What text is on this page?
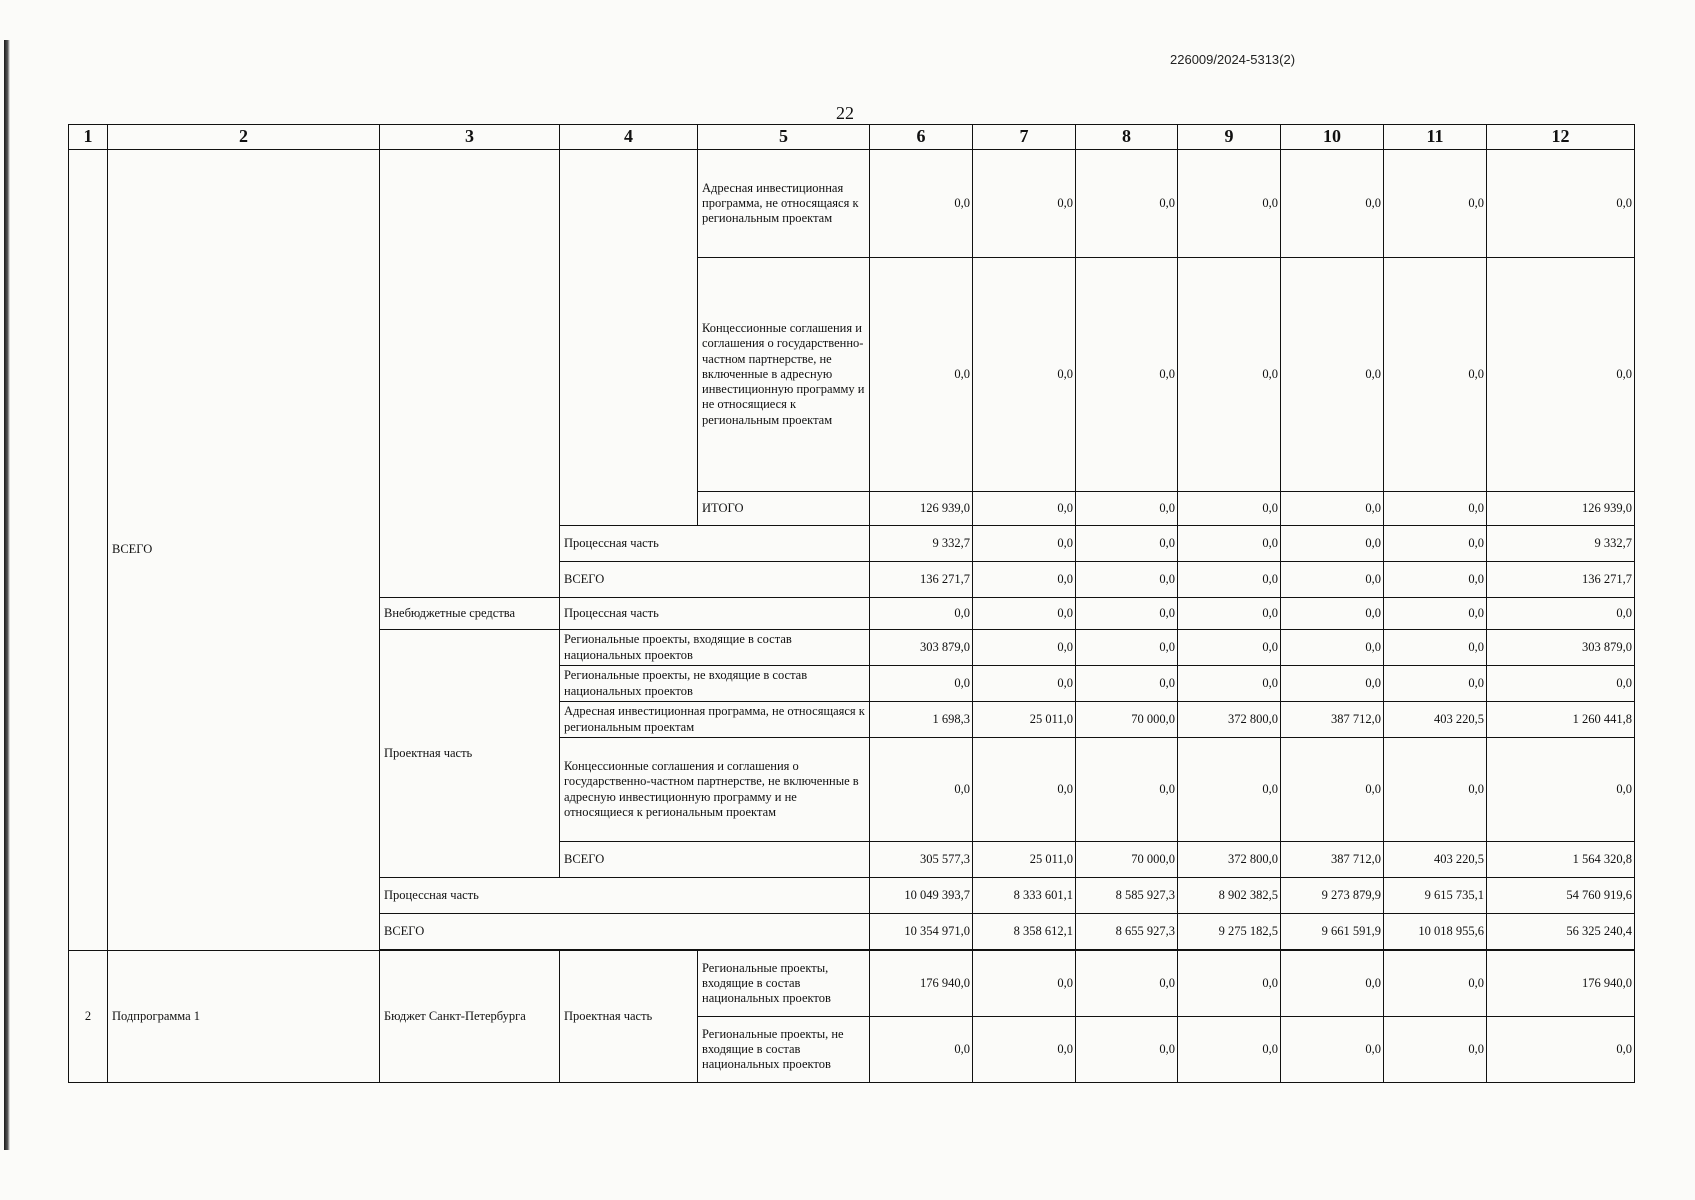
226009/2024-5313(2)
22
1	2	3	4	5	6	7	8	9	10	11	12
	ВСЕГО			Адресная инвестиционная программа, не относящаяся к региональным проектам	0,0	0,0	0,0	0,0	0,0	0,0	0,0
				Концессионные соглашения и соглашения о государственно-частном партнерстве, не включенные в адресную инвестиционную программу и не относящиеся к региональным проектам	0,0	0,0	0,0	0,0	0,0	0,0	0,0
				ИТОГО	126 939,0	0,0	0,0	0,0	0,0	0,0	126 939,0
			Процессная часть		9 332,7	0,0	0,0	0,0	0,0	0,0	9 332,7
			ВСЕГО		136 271,7	0,0	0,0	0,0	0,0	0,0	136 271,7
		Внебюджетные средства	Процессная часть		0,0	0,0	0,0	0,0	0,0	0,0	0,0
		Проектная часть	Региональные проекты, входящие в состав национальных проектов		303 879,0	0,0	0,0	0,0	0,0	0,0	303 879,0
			Региональные проекты, не входящие в состав национальных проектов		0,0	0,0	0,0	0,0	0,0	0,0	0,0
			Адресная инвестиционная программа, не относящаяся к региональным проектам		1 698,3	25 011,0	70 000,0	372 800,0	387 712,0	403 220,5	1 260 441,8
			Концессионные соглашения и соглашения о государственно-частном партнерстве, не включенные в адресную инвестиционную программу и не относящиеся к региональным проектам		0,0	0,0	0,0	0,0	0,0	0,0	0,0
			ВСЕГО		305 577,3	25 011,0	70 000,0	372 800,0	387 712,0	403 220,5	1 564 320,8
		Процессная часть			10 049 393,7	8 333 601,1	8 585 927,3	8 902 382,5	9 273 879,9	9 615 735,1	54 760 919,6
		ВСЕГО			10 354 971,0	8 358 612,1	8 655 927,3	9 275 182,5	9 661 591,9	10 018 955,6	56 325 240,4

2	Подпрограмма 1	Бюджет Санкт-Петербурга	Проектная часть	Региональные проекты, входящие в состав национальных проектов	176 940,0	0,0	0,0	0,0	0,0	0,0	176 940,0
				Региональные проекты, не входящие в состав национальных проектов	0,0	0,0	0,0	0,0	0,0	0,0	0,0
